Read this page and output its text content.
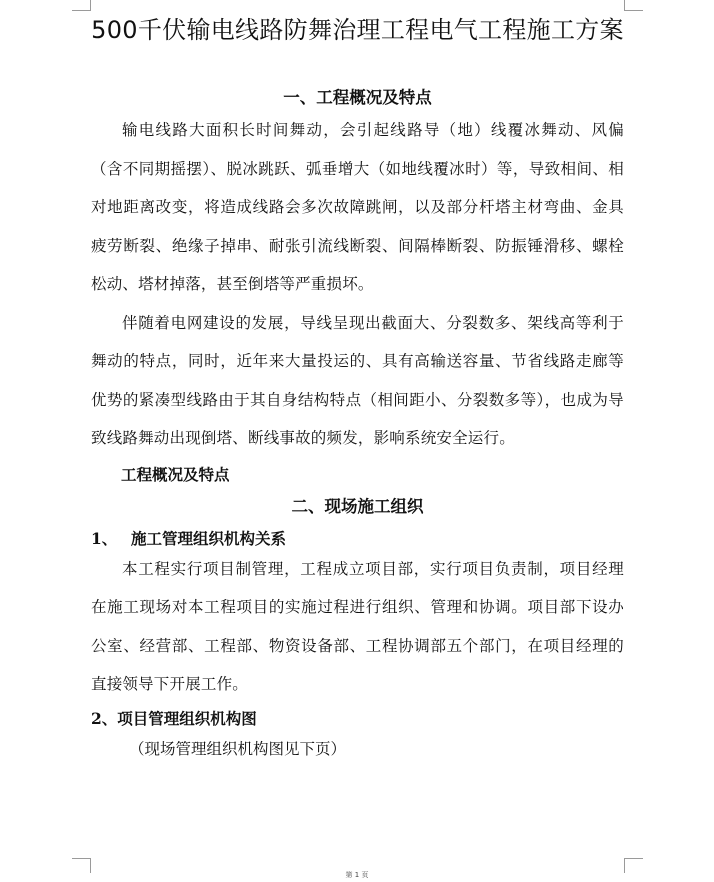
500千伏输电线路防舞治理工程电气工程施工方案
一、工程概况及特点

输电线路大面积长时间舞动，会引起线路导（地）线覆冰舞动、风偏（含不同期摇摆）、脱冰跳跃、弧垂增大（如地线覆冰时）等，导致相间、相对地距离改变，将造成线路会多次故障跳闸，以及部分杆塔主材弯曲、金具疲劳断裂、绝缘子掉串、耐张引流线断裂、间隔棒断裂、防振锤滑移、螺栓松动、塔材掉落，甚至倒塔等严重损坏。

伴随着电网建设的发展，导线呈现出截面大、分裂数多、架线高等利于舞动的特点，同时，近年来大量投运的、具有高输送容量、节省线路走廊等优势的紧凑型线路由于其自身结构特点（相间距小、分裂数多等），也成为导致线路舞动出现倒塔、断线事故的频发，影响系统安全运行。

工程概况及特点
二、现场施工组织
1、 施工管理组织机构关系

本工程实行项目制管理，工程成立项目部，实行项目负责制，项目经理在施工现场对本工程项目的实施过程进行组织、管理和协调。项目部下设办公室、经营部、工程部、物资设备部、工程协调部五个部门，在项目经理的直接领导下开展工作。

2、项目管理组织机构图

（现场管理组织机构图见下页）

第 1 页
